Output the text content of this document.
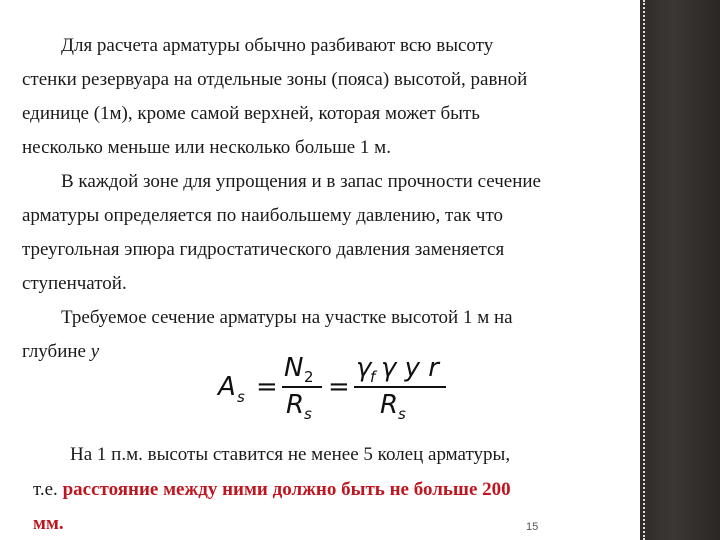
Для расчета арматуры обычно разбивают всю высоту
стенки резервуара на отдельные зоны (пояса) высотой, равной
единице (1м), кроме самой верхней, которая может быть
несколько меньше или несколько больше 1 м.
В каждой зоне для упрощения и в запас прочности сечение
арматуры определяется по наибольшему давлению, так что
треугольная эпюра гидростатического давления заменяется
ступенчатой.
Требуемое сечение арматуры на участке высотой 1 м на
глубине y
A s =
N 2
R s
=
γ
f γ y r
R s
На 1 п.м. высоты ставится не менее 5 колец арматуры,
т.е. расстояние между ними должно быть не больше 200
мм.	15
